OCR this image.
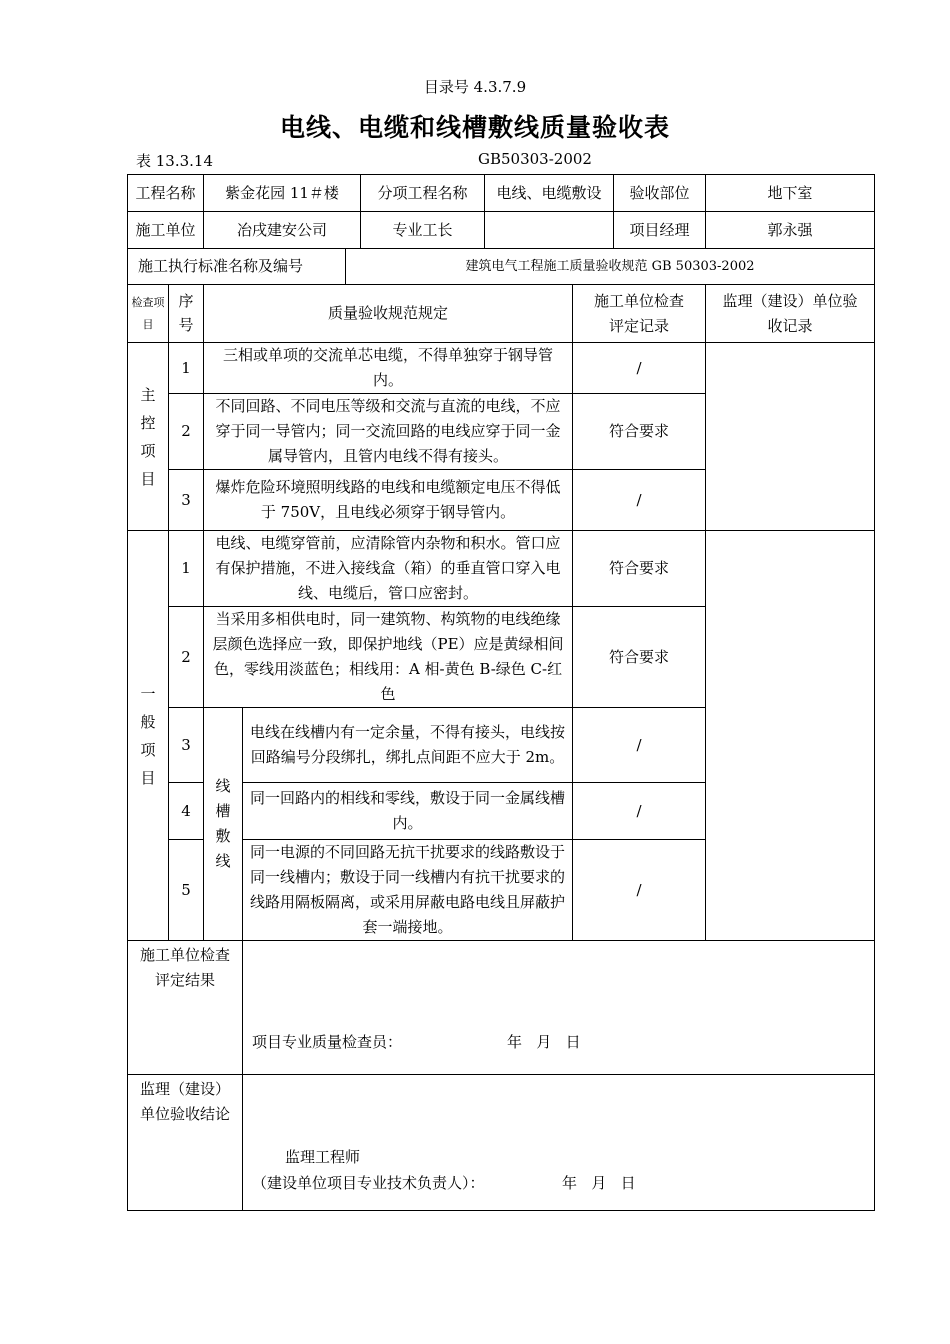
目录号 4.3.7.9
电线、电缆和线槽敷线质量验收表
表 13.3.14	GB50303-2002
工程名称		紫金花园 11＃楼 分项工程名称 电线、电缆敷设 验收部位			地下室
施工单位		冶戌建安公司 专业工长 项目经理			郭永强

施工执行标准名称及编号 建筑电气工程施工质量验收规范 GB 50303-2002					

检查项目	序号	质量验收规范规定		施工单位检查评定记录	监理（建设）单位验收记录
主控项目	1	三相或单项的交流单芯电缆，不得单独穿于钢导管内。		/	
	2	不同回路、不同电压等级和交流与直流的电线，不应穿于同一导管内；同一交流回路的电线应穿于同一金属导管内，且管内电线不得有接头。		符合要求	
	3	爆炸危险环境照明线路的电线和电缆额定电压不得低于 750V，且电线必须穿于钢导管内。		/	
一般项目	1	电线、电缆穿管前，应清除管内杂物和积水。管口应有保护措施，不进入接线盒（箱）的垂直管口穿入电线、电缆后，管口应密封。		符合要求	
	2	当采用多相供电时，同一建筑物、构筑物的电线绝缘层颜色选择应一致，即保护地线（PE）应是黄绿相间色，零线用淡蓝色；相线用：A 相-黄色 B-绿色 C-红色		符合要求	
	3	线槽敷线	电线在线槽内有一定余量，不得有接头，电线按回路编号分段绑扎，绑扎点间距不应大于 2m。	/	
	4		同一回路内的相线和零线，敷设于同一金属线槽内。	/	
	5		同一电源的不同回路无抗干扰要求的线路敷设于同一线槽内；敷设于同一线槽内有抗干扰要求的线路用隔板隔离，或采用屏蔽电路电线且屏蔽护套一端接地。	/	
施工单位检查评定结果			项目专业质量检查员： 年   月   日		

监理（建设）单位验收结论			监理工程师
（建设单位项目专业技术负责人）： 年   月   日		
